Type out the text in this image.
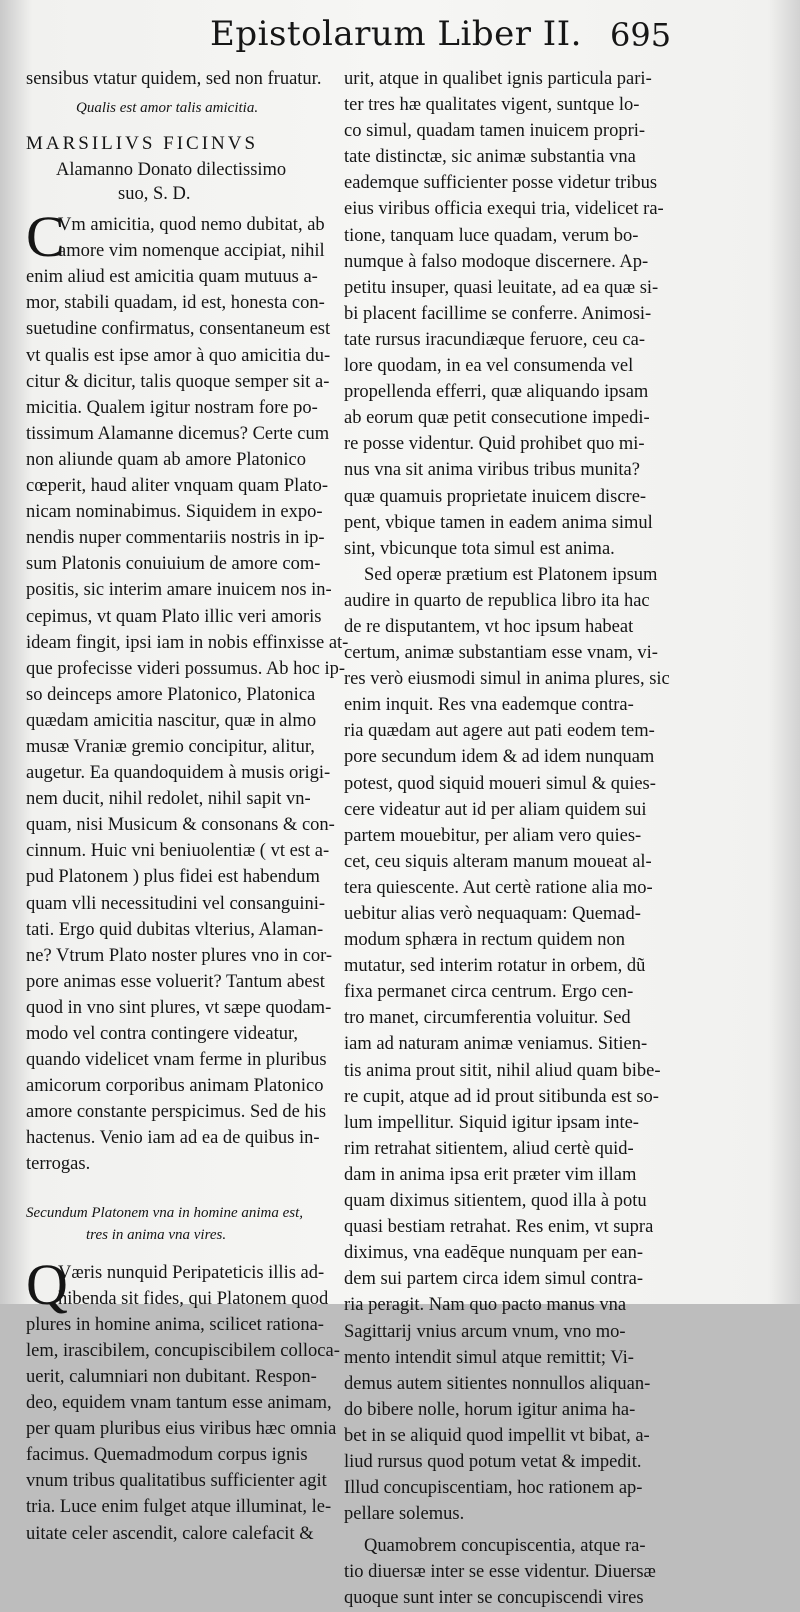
Epistolarum Liber II. 695
sensibus vtatur quidem, sed non fruatur.
Qualis est amor talis amicitia.
MARSILIVS FICINVS
Alamanno Donato dilectissimo
suo, S. D.
C
Vm amicitia, quod nemo dubitat, ab
amore vim nomenque accipiat, nihil
enim aliud est amicitia quam mutuus a-
mor, stabili quadam, id est, honesta con-
suetudine confirmatus, consentaneum est
vt qualis est ipse amor à quo amicitia du-
citur & dicitur, talis quoque semper sit a-
micitia. Qualem igitur nostram fore po-
tissimum Alamanne dicemus? Certe cum
non aliunde quam ab amore Platonico
cœperit, haud aliter vnquam quam Plato-
nicam nominabimus. Siquidem in expo-
nendis nuper commentariis nostris in ip-
sum Platonis conuiuium de amore com-
positis, sic interim amare inuicem nos in-
cepimus, vt quam Plato illic veri amoris
ideam fingit, ipsi iam in nobis effinxisse at-
que profecisse videri possumus. Ab hoc ip-
so deinceps amore Platonico, Platonica
quædam amicitia nascitur, quæ in almo
musæ Vraniæ gremio concipitur, alitur,
augetur. Ea quandoquidem à musis origi-
nem ducit, nihil redolet, nihil sapit vn-
quam, nisi Musicum & consonans & con-
cinnum. Huic vni beniuolentiæ ( vt est a-
pud Platonem ) plus fidei est habendum
quam vlli necessitudini vel consanguini-
tati. Ergo quid dubitas vlterius, Alaman-
ne? Vtrum Plato noster plures vno in cor-
pore animas esse voluerit? Tantum abest
quod in vno sint plures, vt sæpe quodam-
modo vel contra contingere videatur,
quando videlicet vnam ferme in pluribus
amicorum corporibus animam Platonico
amore constante perspicimus. Sed de his
hactenus. Venio iam ad ea de quibus in-
terrogas.
Secundum Platonem vna in homine anima est,
tres in anima vna vires.
Q
Væris nunquid Peripateticis illis ad-
hibenda sit fides, qui Platonem quod
plures in homine anima, scilicet rationa-
lem, irascibilem, concupiscibilem colloca-
uerit, calumniari non dubitant. Respon-
deo, equidem vnam tantum esse animam,
per quam pluribus eius viribus hæc omnia
facimus. Quemadmodum corpus ignis
vnum tribus qualitatibus sufficienter agit
tria. Luce enim fulget atque illuminat, le-
uitate celer ascendit, calore calefacit &
urit, atque in qualibet ignis particula pari-
ter tres hæ qualitates vigent, suntque lo-
co simul, quadam tamen inuicem propri-
tate distinctæ, sic animæ substantia vna
eademque sufficienter posse videtur tribus
eius viribus officia exequi tria, videlicet ra-
tione, tanquam luce quadam, verum bo-
numque à falso modoque discernere. Ap-
petitu insuper, quasi leuitate, ad ea quæ si-
bi placent facillime se conferre. Animosi-
tate rursus iracundiæque feruore, ceu ca-
lore quodam, in ea vel consumenda vel
propellenda efferri, quæ aliquando ipsam
ab eorum quæ petit consecutione impedi-
re posse videntur. Quid prohibet quo mi-
nus vna sit anima viribus tribus munita?
quæ quamuis proprietate inuicem discre-
pent, vbique tamen in eadem anima simul
sint, vbicunque tota simul est anima.
Sed operæ prætium est Platonem ipsum
audire in quarto de republica libro ita hac
de re disputantem, vt hoc ipsum habeat
certum, animæ substantiam esse vnam, vi-
res verò eiusmodi simul in anima plures, sic
enim inquit. Res vna eademque contra-
ria quædam aut agere aut pati eodem tem-
pore secundum idem & ad idem nunquam
potest, quod siquid moueri simul & quies-
cere videatur aut id per aliam quidem sui
partem mouebitur, per aliam vero quies-
cet, ceu siquis alteram manum moueat al-
tera quiescente. Aut certè ratione alia mo-
uebitur alias verò nequaquam: Quemad-
modum sphæra in rectum quidem non
mutatur, sed interim rotatur in orbem, dũ
fixa permanet circa centrum. Ergo cen-
tro manet, circumferentia voluitur. Sed
iam ad naturam animæ veniamus. Sitien-
tis anima prout sitit, nihil aliud quam bibe-
re cupit, atque ad id prout sitibunda est so-
lum impellitur. Siquid igitur ipsam inte-
rim retrahat sitientem, aliud certè quid-
dam in anima ipsa erit præter vim illam
quam diximus sitientem, quod illa à potu
quasi bestiam retrahat. Res enim, vt supra
diximus, vna eadēque nunquam per ean-
dem sui partem circa idem simul contra-
ria peragit. Nam quo pacto manus vna
Sagittarij vnius arcum vnum, vno mo-
mento intendit simul atque remittit; Vi-
demus autem sitientes nonnullos aliquan-
do bibere nolle, horum igitur anima ha-
bet in se aliquid quod impellit vt bibat, a-
liud rursus quod potum vetat & impedit.
Illud concupiscentiam, hoc rationem ap-
pellare solemus.
Quamobrem concupiscentia, atque ra-
tio diuersæ inter se esse videntur. Diuersæ
quoque sunt inter se concupiscendi vires
